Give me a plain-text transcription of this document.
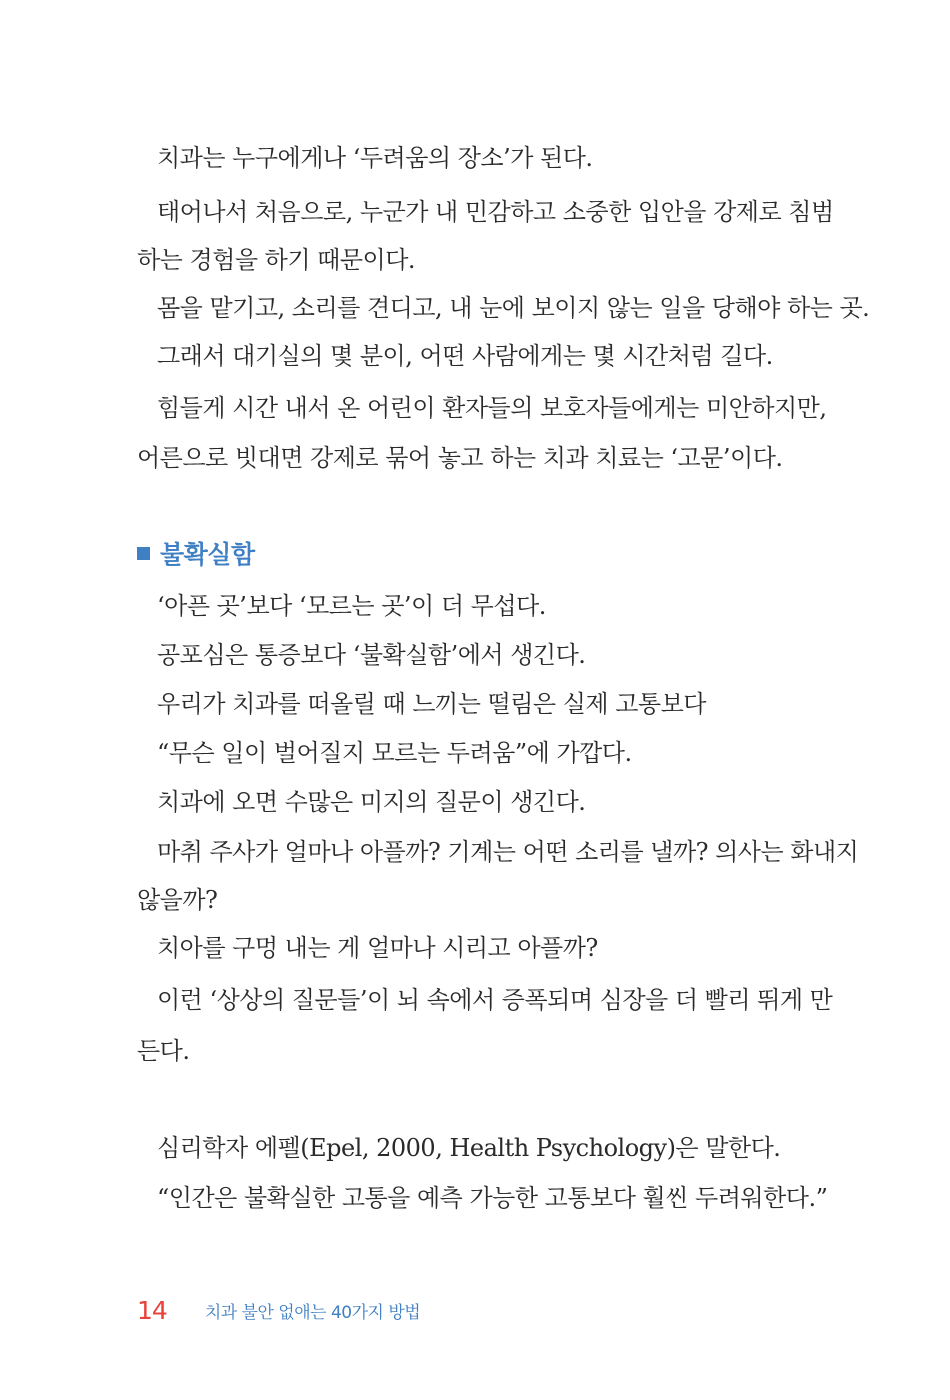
치과는 누구에게나 ‘두려움의 장소’가 된다.
태어나서 처음으로, 누군가 내 민감하고 소중한 입안을 강제로 침범
하는 경험을 하기 때문이다.
몸을 맡기고, 소리를 견디고, 내 눈에 보이지 않는 일을 당해야 하는 곳.
그래서 대기실의 몇 분이, 어떤 사람에게는 몇 시간처럼 길다.
힘들게 시간 내서 온 어린이 환자들의 보호자들에게는 미안하지만,
어른으로 빗대면 강제로 묶어 놓고 하는 치과 치료는 ‘고문’이다.
불확실함
‘아픈 곳’보다 ‘모르는 곳’이 더 무섭다.
공포심은 통증보다 ‘불확실함’에서 생긴다.
우리가 치과를 떠올릴 때 느끼는 떨림은 실제 고통보다
“무슨 일이 벌어질지 모르는 두려움”에 가깝다.
치과에 오면 수많은 미지의 질문이 생긴다.
마취 주사가 얼마나 아플까? 기계는 어떤 소리를 낼까? 의사는 화내지
않을까?
치아를 구멍 내는 게 얼마나 시리고 아플까?
이런 ‘상상의 질문들’이 뇌 속에서 증폭되며 심장을 더 빨리 뛰게 만
든다.
심리학자 에펠(Epel, 2000, Health Psychology)은 말한다.
“인간은 불확실한 고통을 예측 가능한 고통보다 훨씬 두려워한다.”
14 치과 불안 없애는 40가지 방법
